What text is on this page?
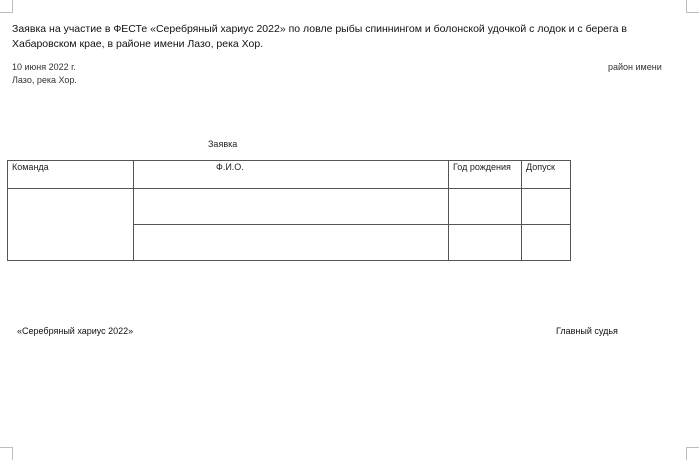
Заявка на участие в ФЕСТе «Серебряный хариус 2022» по ловле рыбы спиннингом и болонской удочкой с лодок и с берега в Хабаровском крае, в районе имени Лазо, река Хор.
10 июня 2022 г.
Лазо, река Хор.
район имени
Заявка
Команда	Ф.И.О.	Год рождения	Допуск

«Серебряный хариус 2022»	Главный судья
